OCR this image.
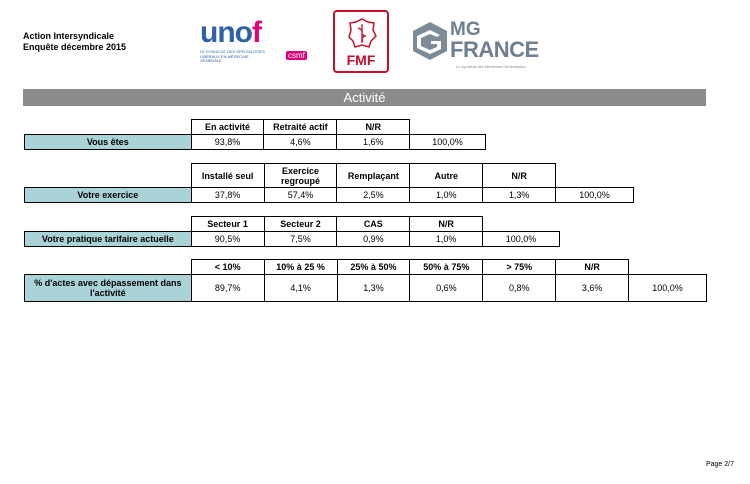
Action Intersyndicale
Enquête décembre 2015 unof
LE SYNDICAT DES SPÉCIALISTES LIBÉRAUX EN MÉDECINE GÉNÉRALE
csmf	FMF
MG
FRANCE
Le syndicat des Médecins Généralistes
Activité
	En activité	Retraité actif	N/R	
Vous êtes	93,8%	4,6%	1,6%	100,0%
	Installé seul	Exercice regroupé	Remplaçant	Autre	N/R	
Votre exercice	37,8%	57,4%	2,5%	1,0%	1,3%	100,0%
	Secteur 1	Secteur 2	CAS	N/R	
Votre pratique tarifaire actuelle	90,5%	7,5%	0,9%	1,0%	100,0%
	< 10%	10% à 25 %	25% à 50%	50% à 75%	> 75%	N/R	
% d'actes avec dépassement dans l'activité	89,7%	4,1%	1,3%	0,6%	0,8%	3,6%	100,0%
Page 2/7
